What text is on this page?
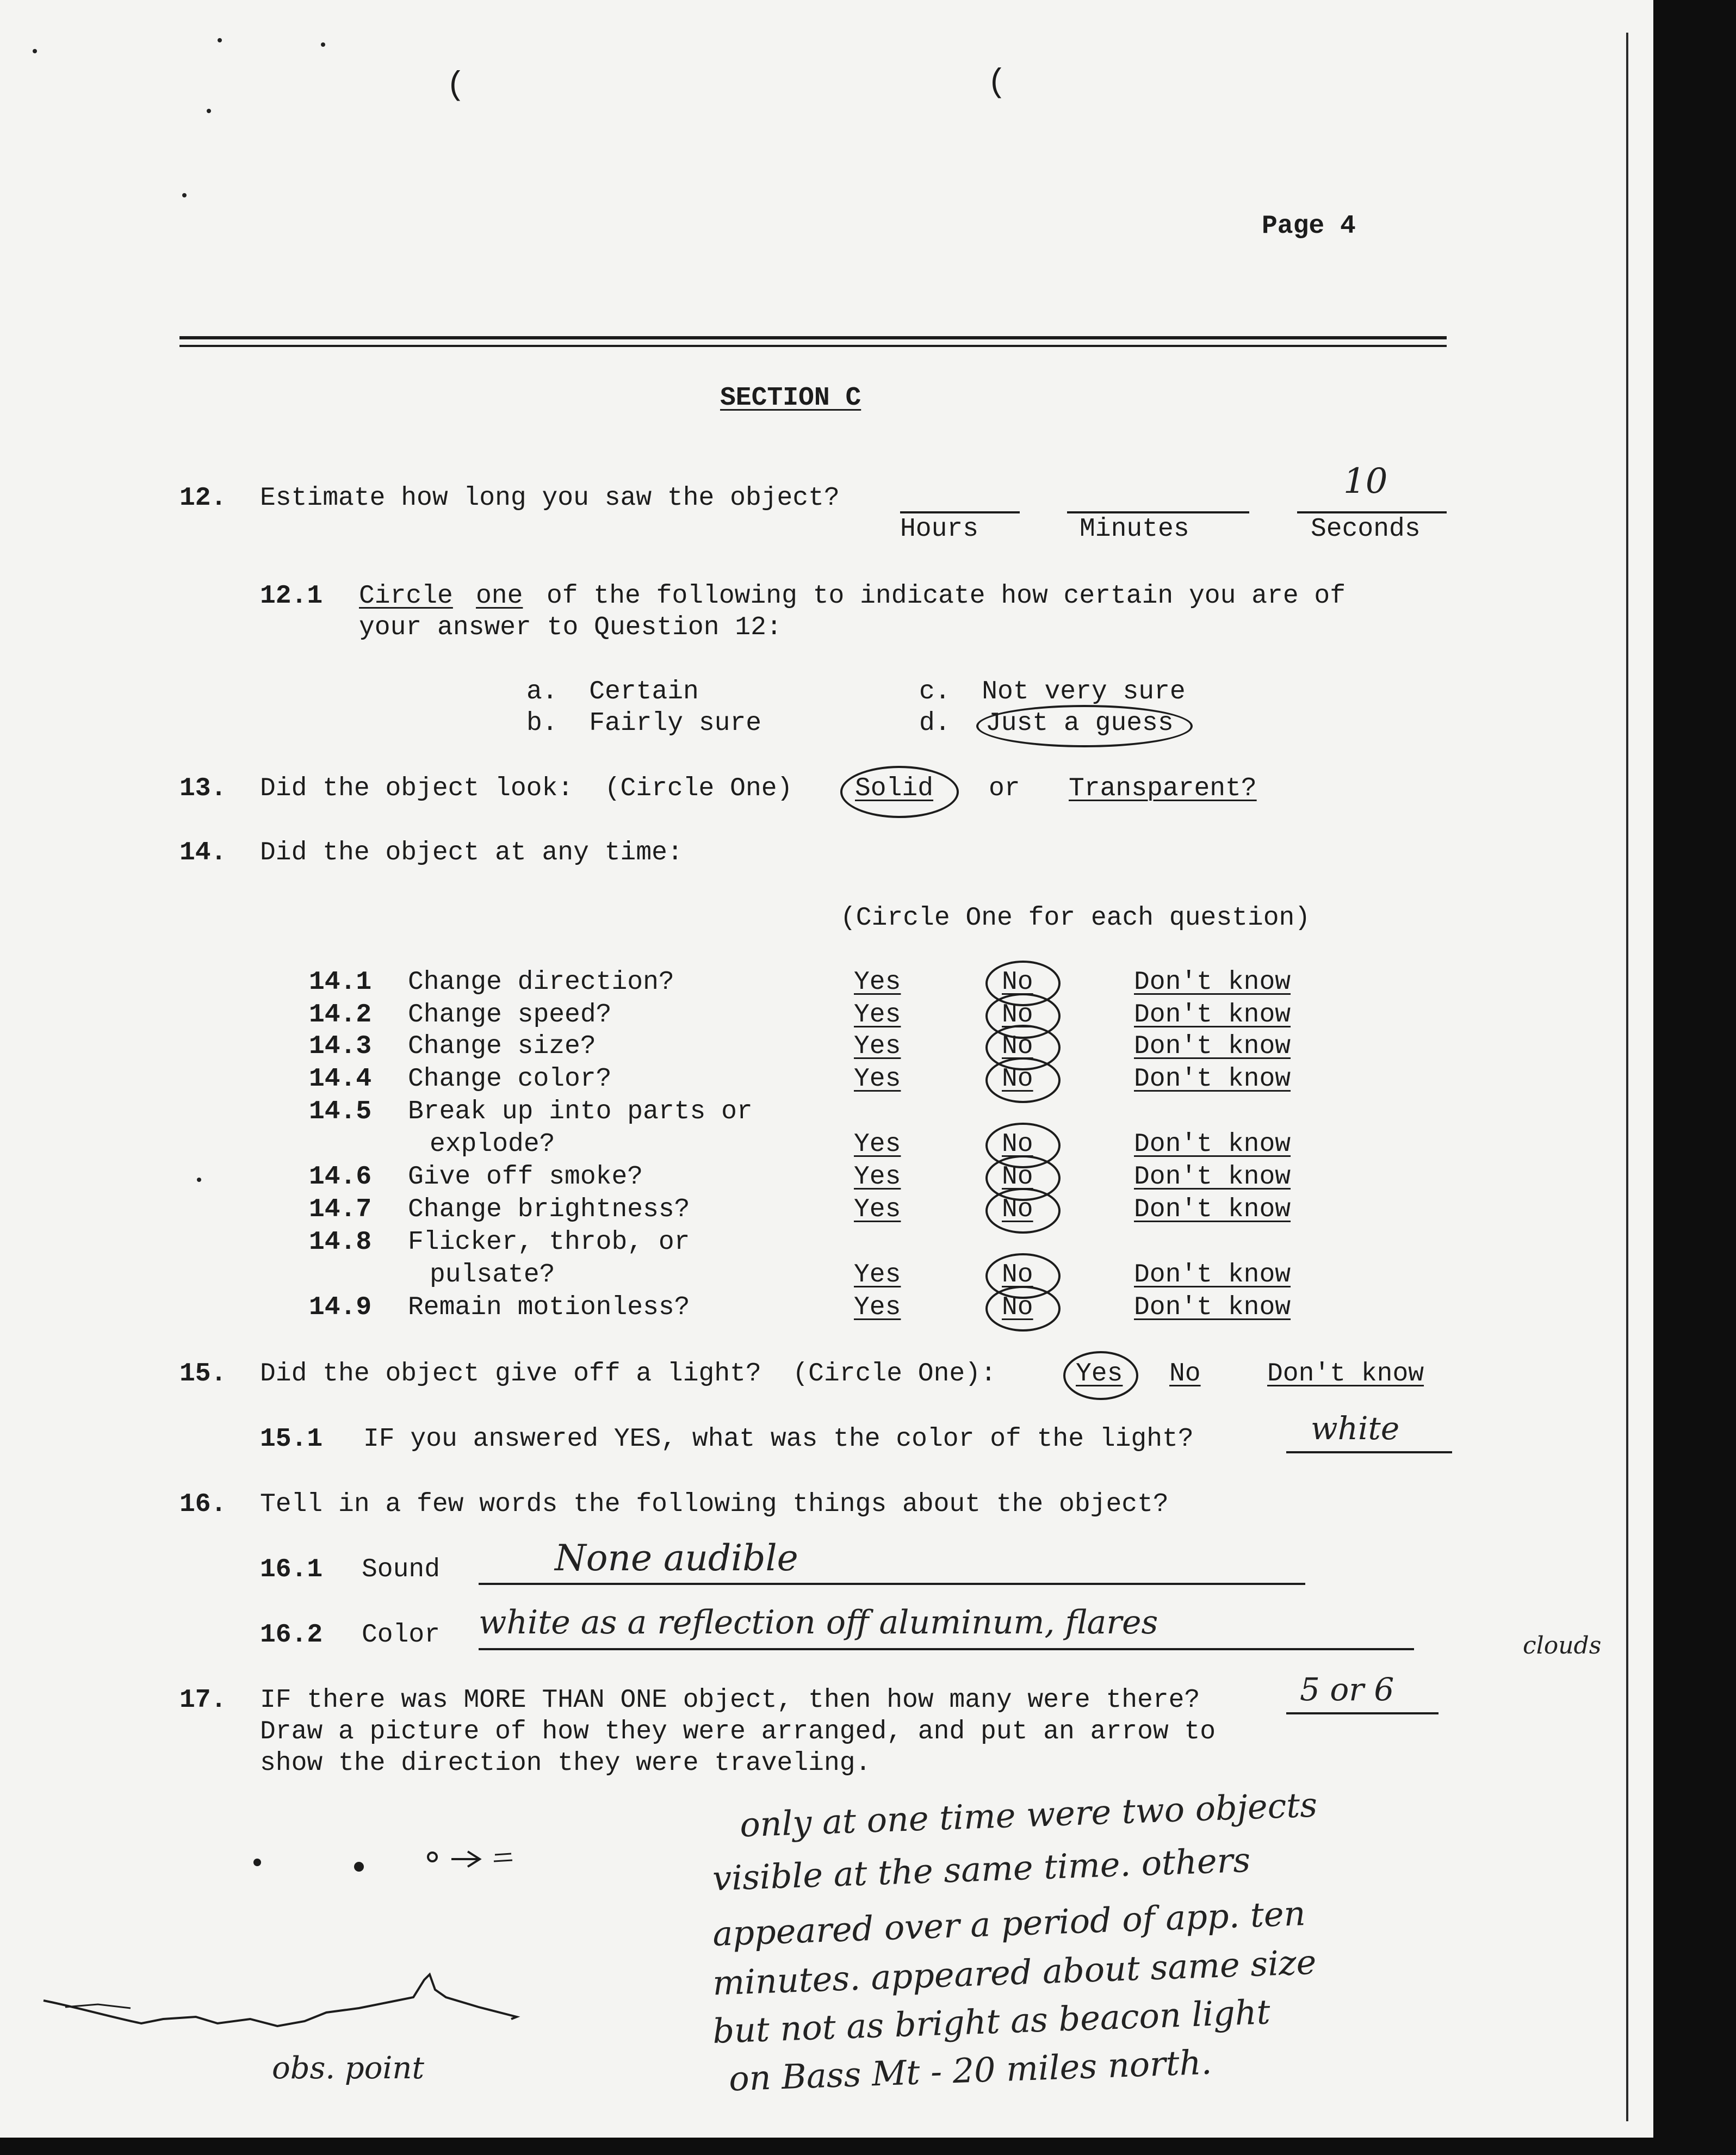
(	(
Page 4
SECTION C
12. Estimate how long you saw the object?	10
Hours	Minutes	Seconds
12.1 Circle one of the following to indicate how certain you are of
your answer to Question 12:
a.  Certain
b.  Fairly sure
c.  Not very sure
d. Just a guess
13. Did the object look:  (Circle One) Solid or Transparent?
14. Did the object at any time:
(Circle One for each question)
14.1 Change direction?	Yes	No	Don't know
14.2 Change speed?	Yes	No	Don't know
14.3 Change size?	Yes	No	Don't know
14.4 Change color?	Yes	No	Don't know
14.5 Break up into parts or
explode?	Yes	No	Don't know
14.6 Give off smoke?	Yes	No	Don't know
14.7 Change brightness?	Yes	No	Don't know
14.8 Flicker, throb, or
pulsate?	Yes	No	Don't know
14.9 Remain motionless?	Yes	No	Don't know
15. Did the object give off a light?  (Circle One):	Yes No	Don't know
15.1 IF you answered YES, what was the color of the light?	white
16. Tell in a few words the following things about the object?
16.1 Sound	None audible
16.2 Color white as a reflection off aluminum, flares
clouds
17. IF there was MORE THAN ONE object, then how many were there?	5 or 6
Draw a picture of how they were arranged, and put an arrow to
show the direction they were traveling.
obs. point
only at one time were two objects
visible at the same time. others
appeared over a period of app. ten
minutes. appeared about same size
but not as bright as beacon light
on Bass Mt - 20 miles north.
